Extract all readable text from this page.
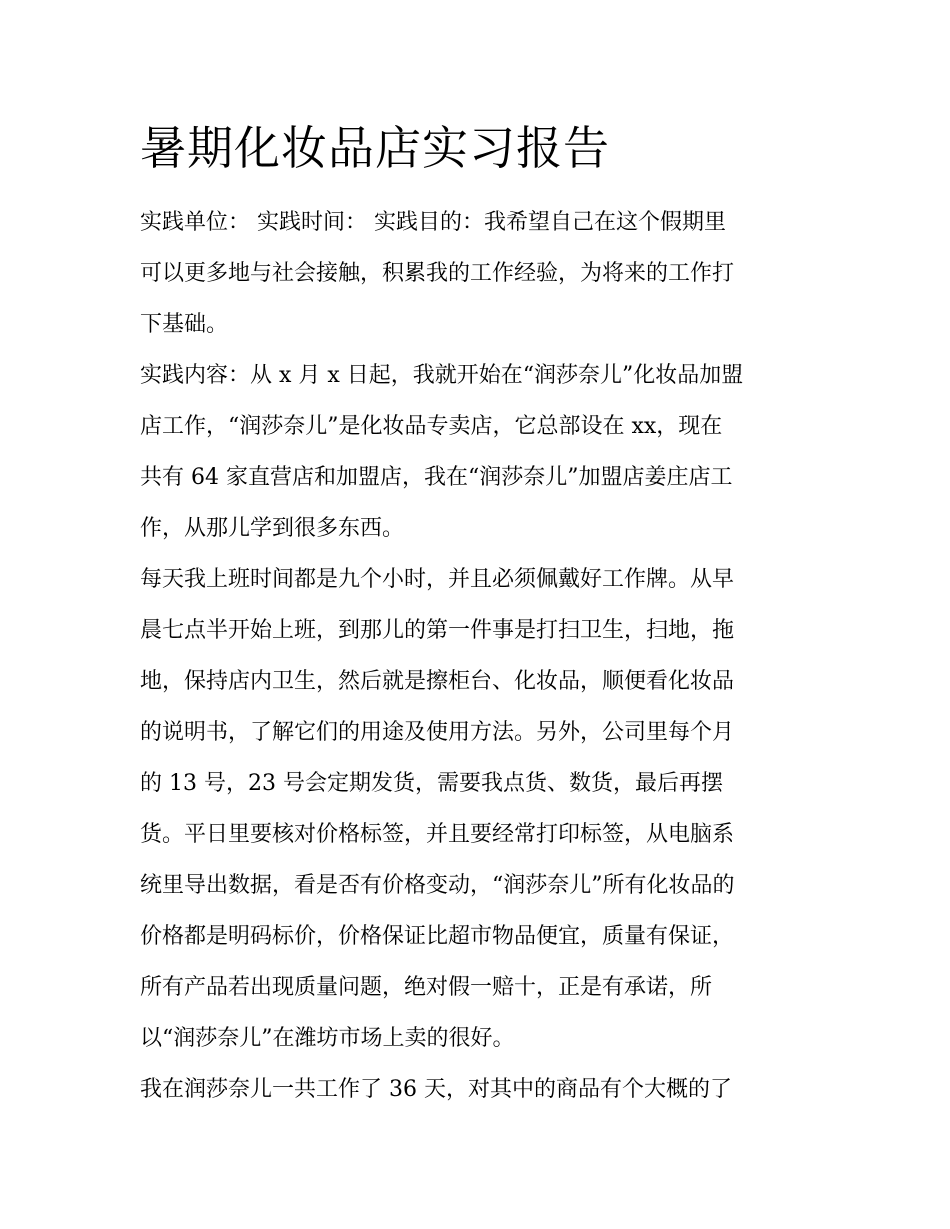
暑期化妆品店实习报告
实践单位： 实践时间： 实践目的：我希望自己在这个假期里
可以更多地与社会接触，积累我的工作经验，为将来的工作打
下基础。
实践内容：从 x 月 x 日起，我就开始在“润莎奈儿”化妆品加盟
店工作，“润莎奈儿”是化妆品专卖店，它总部设在 xx，现在
共有 64 家直营店和加盟店，我在“润莎奈儿”加盟店姜庄店工
作，从那儿学到很多东西。
每天我上班时间都是九个小时，并且必须佩戴好工作牌。从早
晨七点半开始上班，到那儿的第一件事是打扫卫生，扫地，拖
地，保持店内卫生，然后就是擦柜台、化妆品，顺便看化妆品
的说明书，了解它们的用途及使用方法。另外，公司里每个月
的 13 号，23 号会定期发货，需要我点货、数货，最后再摆
货。平日里要核对价格标签，并且要经常打印标签，从电脑系
统里导出数据，看是否有价格变动，“润莎奈儿”所有化妆品的
价格都是明码标价，价格保证比超市物品便宜，质量有保证，
所有产品若出现质量问题，绝对假一赔十，正是有承诺，所
以“润莎奈儿”在潍坊市场上卖的很好。
我在润莎奈儿一共工作了 36 天，对其中的商品有个大概的了
